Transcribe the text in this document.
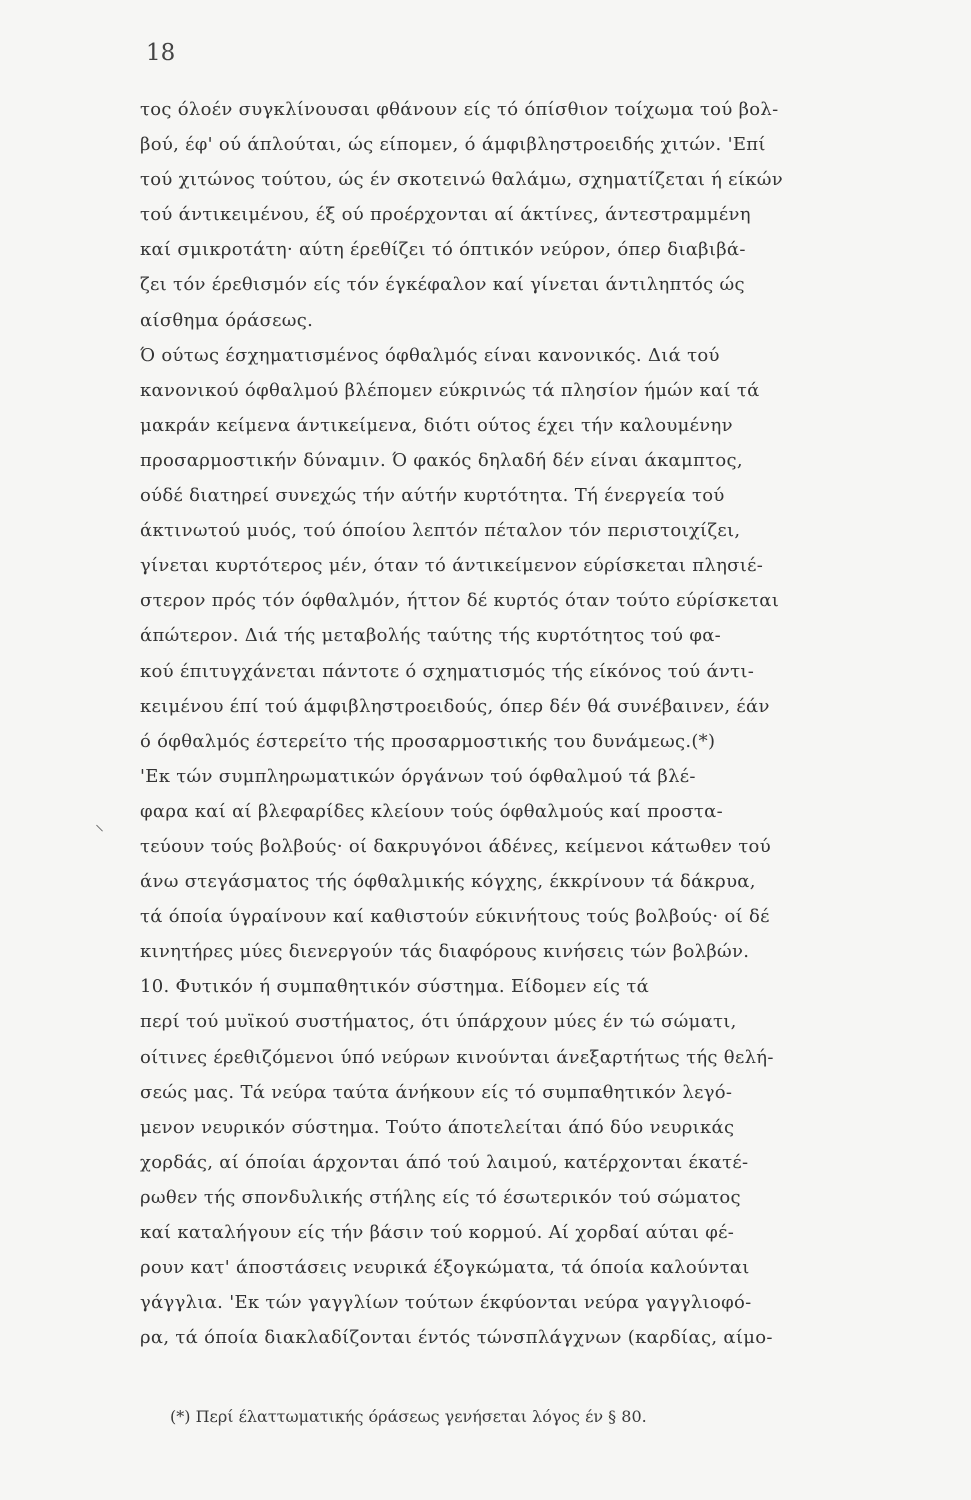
18
⸜
τος όλοέν συγκλίνουσαι φθάνουν είς τό όπίσθιον τοίχωμα τού βολ-
βού, έφ' ού άπλούται, ώς είπομεν, ό άμφιβληστροειδής χιτών. 'Επί
τού χιτώνος τούτου, ώς έν σκοτεινώ θαλάμω, σχηματίζεται ή είκών
τού άντικειμένου, έξ ού προέρχονται αί άκτίνες, άντεστραμμένη
καί σμικροτάτη· αύτη έρεθίζει τό όπτικόν νεύρον, όπερ διαβιβά-
ζει τόν έρεθισμόν είς τόν έγκέφαλον καί γίνεται άντιληπτός ώς
αίσθημα όράσεως.
Ό ούτως έσχηματισμένος όφθαλμός είναι κανονικός. Διά τού
κανονικού όφθαλμού βλέπομεν εύκρινώς τά πλησίον ήμών καί τά
μακράν κείμενα άντικείμενα, διότι ούτος έχει τήν καλουμένην
προσαρμοστικήν δύναμιν. Ό φακός δηλαδή δέν είναι άκαμπτος,
ούδέ διατηρεί συνεχώς τήν αύτήν κυρτότητα. Τή ένεργεία τού
άκτινωτού μυός, τού όποίου λεπτόν πέταλον τόν περιστοιχίζει,
γίνεται κυρτότερος μέν, όταν τό άντικείμενον εύρίσκεται πλησιέ-
στερον πρός τόν όφθαλμόν, ήττον δέ κυρτός όταν τούτο εύρίσκεται
άπώτερον. Διά τής μεταβολής ταύτης τής κυρτότητος τού φα-
κού έπιτυγχάνεται πάντοτε ό σχηματισμός τής είκόνος τού άντι-
κειμένου έπί τού άμφιβληστροειδούς, όπερ δέν θά συνέβαινεν, έάν
ό όφθαλμός έστερείτο τής προσαρμοστικής του δυνάμεως.(*)
'Εκ τών συμπληρωματικών όργάνων τού όφθαλμού τά βλέ-
φαρα καί αί βλεφαρίδες κλείουν τούς όφθαλμούς καί προστα-
τεύουν τούς βολβούς· οί δακρυγόνοι άδένες, κείμενοι κάτωθεν τού
άνω στεγάσματος τής όφθαλμικής κόγχης, έκκρίνουν τά δάκρυα,
τά όποία ύγραίνουν καί καθιστούν εύκινήτους τούς βολβούς· οί δέ
κινητήρες μύες διενεργούν τάς διαφόρους κινήσεις τών βολβών.
10. Φυτικόν ή συμπαθητικόν σύστημα. Είδομεν είς τά
περί τού μυϊκού συστήματος, ότι ύπάρχουν μύες έν τώ σώματι,
οίτινες έρεθιζόμενοι ύπό νεύρων κινούνται άνεξαρτήτως τής θελή-
σεώς μας. Τά νεύρα ταύτα άνήκουν είς τό συμπαθητικόν λεγό-
μενον νευρικόν σύστημα. Τούτο άποτελείται άπό δύο νευρικάς
χορδάς, αί όποίαι άρχονται άπό τού λαιμού, κατέρχονται έκατέ-
ρωθεν τής σπονδυλικής στήλης είς τό έσωτερικόν τού σώματος
καί καταλήγουν είς τήν βάσιν τού κορμού. Αί χορδαί αύται φέ-
ρουν κατ' άποστάσεις νευρικά έξογκώματα, τά όποία καλούνται
γάγγλια. 'Εκ τών γαγγλίων τούτων έκφύονται νεύρα γαγγλιοφό-
ρα, τά όποία διακλαδίζονται έντός τώνσπλάγχνων (καρδίας, αίμο-
(*) Περί έλαττωματικής όράσεως γενήσεται λόγος έν § 80.
